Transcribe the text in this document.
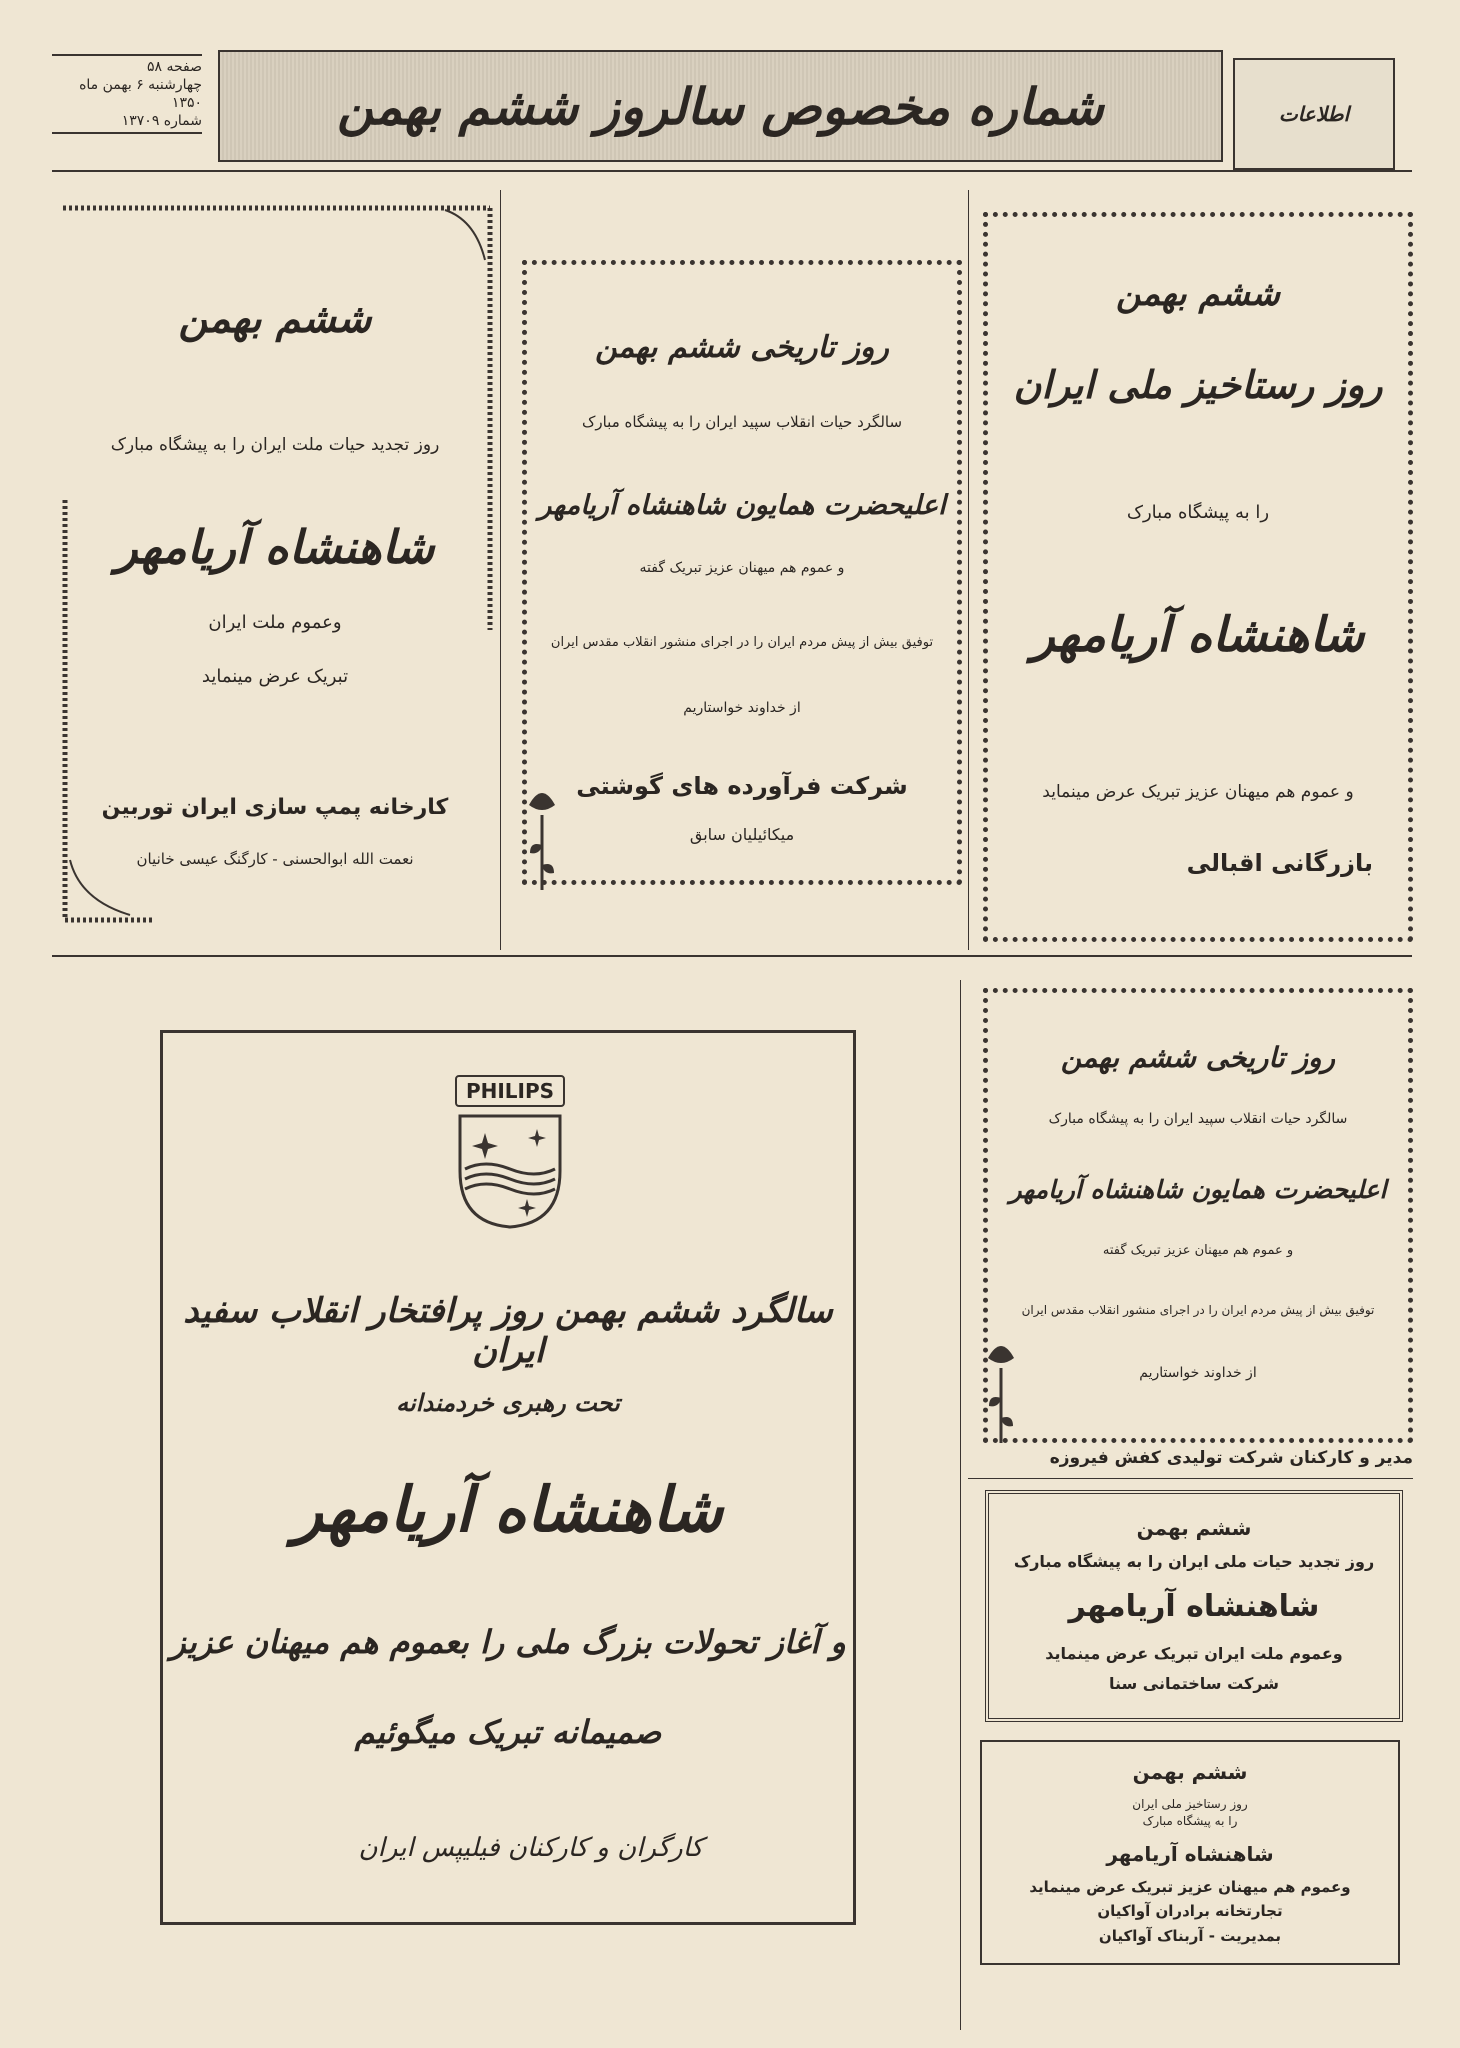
صفحه ۵۸
چهارشنبه ۶ بهمن ماه ۱۳۵۰
شماره ۱۳۷۰۹	شماره مخصوص سالروز ششم بهمن	اطلاعات
ششم بهمن
روز تجدید حیات ملت ایران را به پیشگاه مبارک
شاهنشاه آریامهر
وعموم ملت ایران
تبریک عرض مینماید
کارخانه پمپ سازی ایران توربین
نعمت الله ابوالحسنی - کارگنگ عیسی خانیان
روز تاریخی ششم بهمن
سالگرد حیات انقلاب سپید ایران را به پیشگاه مبارک
اعلیحضرت همایون شاهنشاه آریامهر
و عموم هم میهنان عزیز تبریک گفته
توفیق بیش از پیش مردم ایران را در اجرای منشور انقلاب مقدس ایران
از خداوند خواستاریم
شرکت فرآورده های گوشتی
میکائیلیان سابق
ششم بهمن
روز رستاخیز ملی ایران
را به پیشگاه مبارک
شاهنشاه آریامهر
و عموم هم میهنان عزیز تبریک عرض مینماید
بازرگانی اقبالی
PHILIPS
سالگرد ششم بهمن روز پرافتخار انقلاب سفید ایران
تحت رهبری خردمندانه
شاهنشاه آریامهر
و آغاز تحولات بزرگ ملی را بعموم هم میهنان عزیز
صمیمانه تبریک میگوئیم
کارگران و کارکنان فیلیپس ایران
روز تاریخی ششم بهمن
سالگرد حیات انقلاب سپید ایران را به پیشگاه مبارک
اعلیحضرت همایون شاهنشاه آریامهر
و عموم هم میهنان عزیز تبریک گفته
توفیق بیش از پیش مردم ایران را در اجرای منشور انقلاب مقدس ایران
از خداوند خواستاریم
مدیر و کارکنان شرکت تولیدی کفش فیروزه
ششم بهمن
روز تجدید حیات ملی ایران را به پیشگاه مبارک
شاهنشاه آریامهر
وعموم ملت ایران تبریک عرض مینماید
شرکت ساختمانی سنا
ششم بهمن
روز رستاخیز ملی ایران
را به پیشگاه مبارک
شاهنشاه آریامهر
وعموم هم میهنان عزیز تبریک عرض مینماید
تجارتخانه برادران آواکیان
بمدیریت - آربناک آواکیان
